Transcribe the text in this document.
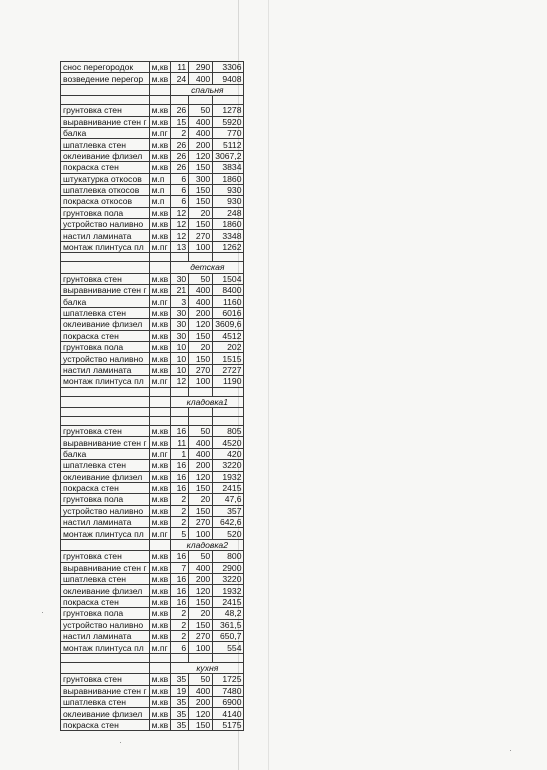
снос перегородок	м,кв	11	290	3306
возведение перегор	м.кв	24	400	9408
		спальня		

грунтовка стен	м.кв	26	50	1278
выравнивание стен г	м.кв	15	400	5920
балка	м.пг	2	400	770
шпатлевка стен	м.кв	26	200	5112
оклеивание флизел	м.кв	26	120	3067,2
покраска стен	м.кв	26	150	3834
штукатурка откосов	м.п	6	300	1860
шпатлевка откосов	м.п	6	150	930
покраска откосов	м.п	6	150	930
грунтовка пола	м.кв	12	20	248
устройство наливно	м.кв	12	150	1860
настил ламината	м.кв	12	270	3348
монтаж плинтуса пл	м.пг	13	100	1262

		детская		
грунтовка стен	м.кв	30	50	1504
выравнивание стен г	м.кв	21	400	8400
балка	м.пг	3	400	1160
шпатлевка стен	м.кв	30	200	6016
оклеивание флизел	м.кв	30	120	3609,6
покраска стен	м.кв	30	150	4512
грунтовка пола	м.кв	10	20	202
устройство наливно	м.кв	10	150	1515
настил ламината	м.кв	10	270	2727
монтаж плинтуса пл	м.пг	12	100	1190

		кладовка1		

грунтовка стен	м.кв	16	50	805
выравнивание стен г	м.кв	11	400	4520
балка	м.пг	1	400	420
шпатлевка стен	м.кв	16	200	3220
оклеивание флизел	м.кв	16	120	1932
покраска стен	м.кв	16	150	2415
грунтовка пола	м.кв	2	20	47,6
устройство наливно	м.кв	2	150	357
настил ламината	м.кв	2	270	642,6
монтаж плинтуса пл	м.пг	5	100	520
		кладовка2		
грунтовка стен	м.кв	16	50	800
выравнивание стен г	м.кв	7	400	2900
шпатлевка стен	м.кв	16	200	3220
оклеивание флизел	м.кв	16	120	1932
покраска стен	м.кв	16	150	2415
грунтовка пола	м.кв	2	20	48,2
устройство наливно	м.кв	2	150	361,5
настил ламината	м.кв	2	270	650,7
монтаж плинтуса пл	м.пг	6	100	554

		кухня		
грунтовка стен	м.кв	35	50	1725
выравнивание стен г	м.кв	19	400	7480
шпатлевка стен	м.кв	35	200	6900
оклеивание флизел	м.кв	35	120	4140
покраска стен	м.кв	35	150	5175
